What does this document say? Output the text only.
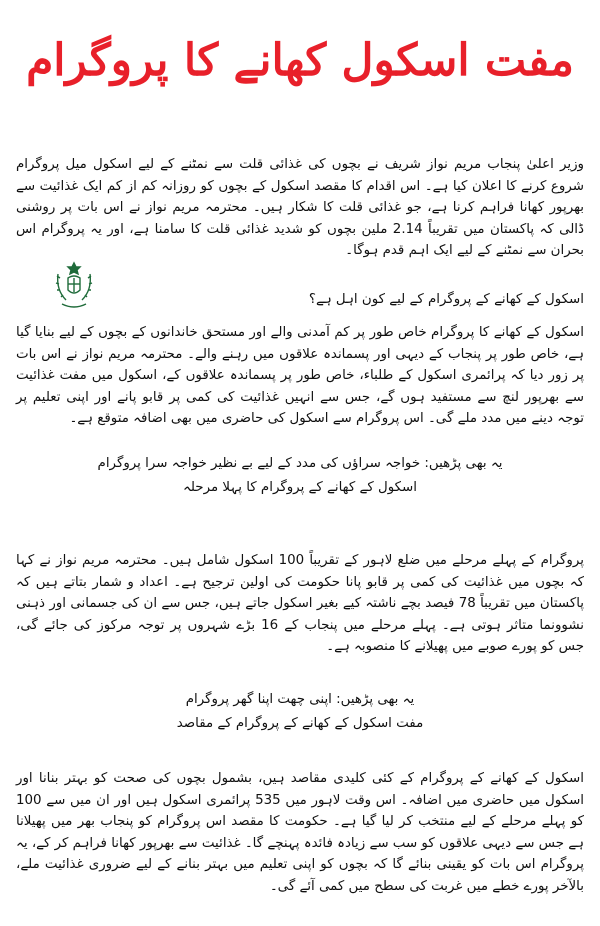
مفت اسکول کھانے کا پروگرام

وزیر اعلیٰ پنجاب مریم نواز شریف نے بچوں کی غذائی قلت سے نمٹنے کے لیے اسکول میل پروگرام شروع کرنے کا اعلان کیا ہے۔ اس اقدام کا مقصد اسکول کے بچوں کو روزانہ کم از کم ایک غذائیت سے بھرپور کھانا فراہم کرنا ہے، جو غذائی قلت کا شکار ہیں۔ محترمہ مریم نواز نے اس بات پر روشنی ڈالی کہ پاکستان میں تقریباً 2.14 ملین بچوں کو شدید غذائی قلت کا سامنا ہے، اور یہ پروگرام اس بحران سے نمٹنے کے لیے ایک اہم قدم ہوگا۔

اسکول کے کھانے کے پروگرام کے لیے کون اہل ہے؟

اسکول کے کھانے کا پروگرام خاص طور پر کم آمدنی والے اور مستحق خاندانوں کے بچوں کے لیے بنایا گیا ہے، خاص طور پر پنجاب کے دیہی اور پسماندہ علاقوں میں رہنے والے۔ محترمہ مریم نواز نے اس بات پر زور دیا کہ پرائمری اسکول کے طلباء، خاص طور پر پسماندہ علاقوں کے، اسکول میں مفت غذائیت سے بھرپور لنچ سے مستفید ہوں گے، جس سے انہیں غذائیت کی کمی پر قابو پانے اور اپنی تعلیم پر توجہ دینے میں مدد ملے گی۔ اس پروگرام سے اسکول کی حاضری میں بھی اضافہ متوقع ہے۔

یہ بھی پڑھیں: خواجہ سراؤں کی مدد کے لیے بے نظیر خواجہ سرا پروگرام
اسکول کے کھانے کے پروگرام کا پہلا مرحلہ

پروگرام کے پہلے مرحلے میں ضلع لاہور کے تقریباً 100 اسکول شامل ہیں۔ محترمہ مریم نواز نے کہا کہ بچوں میں غذائیت کی کمی پر قابو پانا حکومت کی اولین ترجیح ہے۔ اعداد و شمار بتاتے ہیں کہ پاکستان میں تقریباً 78 فیصد بچے ناشتہ کیے بغیر اسکول جاتے ہیں، جس سے ان کی جسمانی اور ذہنی نشوونما متاثر ہوتی ہے۔ پہلے مرحلے میں پنجاب کے 16 بڑے شہروں پر توجہ مرکوز کی جائے گی، جس کو پورے صوبے میں پھیلانے کا منصوبہ ہے۔

یہ بھی پڑھیں: اپنی چھت اپنا گھر پروگرام
مفت اسکول کے کھانے کے پروگرام کے مقاصد

اسکول کے کھانے کے پروگرام کے کئی کلیدی مقاصد ہیں، بشمول بچوں کی صحت کو بہتر بنانا اور اسکول میں حاضری میں اضافہ۔ اس وقت لاہور میں 535 پرائمری اسکول ہیں اور ان میں سے 100 کو پہلے مرحلے کے لیے منتخب کر لیا گیا ہے۔ حکومت کا مقصد اس پروگرام کو پنجاب بھر میں پھیلانا ہے جس سے دیہی علاقوں کو سب سے زیادہ فائدہ پہنچے گا۔ غذائیت سے بھرپور کھانا فراہم کر کے، یہ پروگرام اس بات کو یقینی بنائے گا کہ بچوں کو اپنی تعلیم میں بہتر بنانے کے لیے ضروری غذائیت ملے، بالآخر پورے خطے میں غربت کی سطح میں کمی آئے گی۔
